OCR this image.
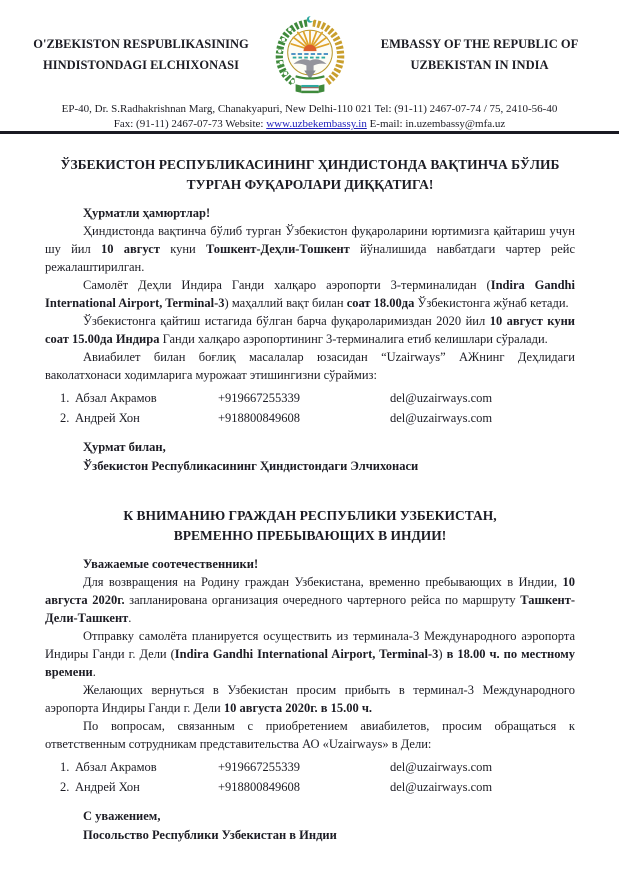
O'ZBEKISTON RESPUBLIKASINING
HINDISTONDAGI ELCHIXONASI
EMBASSY OF THE REPUBLIC OF
UZBEKISTAN IN INDIA
EP-40, Dr. S.Radhakrishnan Marg, Chanakyapuri, New Delhi-110 021 Tel: (91-11) 2467-07-74 / 75, 2410-56-40
Fax: (91-11) 2467-07-73 Website: www.uzbekembassy.in E-mail: in.uzembassy@mfa.uz
ЎЗБЕКИСТОН РЕСПУБЛИКАСИНИНГ ҲИНДИСТОНДА ВАҚТИНЧА БЎЛИБ
ТУРГАН ФУҚАРОЛАРИ ДИҚҚАТИГА!

Ҳурматли ҳамюртлар!

Ҳиндистонда вақтинча бўлиб турган Ўзбекистон фуқароларини юртимизга қайтариш учун шу йил 10 август куни Тошкент-Деҳли-Тошкент йўналишида навбатдаги чартер рейс режалаштирилган.

Самолёт Деҳли Индира Ганди халқаро аэропорти 3-терминалидан (Indira Gandhi International Airport, Terminal-3) маҳаллий вақт билан соат 18.00да Ўзбекистонга жўнаб кетади.

Ўзбекистонга қайтиш истагида бўлган барча фуқароларимиздан 2020 йил 10 август куни соат 15.00да Индира Ганди халқаро аэропортининг 3-терминалига етиб келишлари сўралади.

Авиабилет билан боғлиқ масалалар юзасидан “Uzairways” АЖнинг Деҳлидаги ваколатхонаси ходимларига мурожаат этишингизни сўраймиз:

1. Абзал Акрамов	+919667255339	del@uzairways.com
2. Андрей Хон	+918800849608	del@uzairways.com
Ҳурмат билан,
Ўзбекистон Республикасининг Ҳиндистондаги Элчихонаси
К ВНИМАНИЮ ГРАЖДАН РЕСПУБЛИКИ УЗБЕКИСТАН,
ВРЕМЕННО ПРЕБЫВАЮЩИХ В ИНДИИ!

Уважаемые соотечественники!

Для возвращения на Родину граждан Узбекистана, временно пребывающих в Индии, 10 августа 2020г. запланирована организация очередного чартерного рейса по маршруту Ташкент-Дели-Ташкент.

Отправку самолёта планируется осуществить из терминала-3 Международного аэропорта Индиры Ганди г. Дели (Indira Gandhi International Airport, Terminal-3) в 18.00 ч. по местному времени.

Желающих вернуться в Узбекистан просим прибыть в терминал-3 Международного аэропорта Индиры Ганди г. Дели 10 августа 2020г. в 15.00 ч.

По вопросам, связанным с приобретением авиабилетов, просим обращаться к ответственным сотрудникам представительства АО «Uzairways» в Дели:

1. Абзал Акрамов	+919667255339	del@uzairways.com
2. Андрей Хон	+918800849608	del@uzairways.com
С уважением,
Посольство Республики Узбекистан в Индии
